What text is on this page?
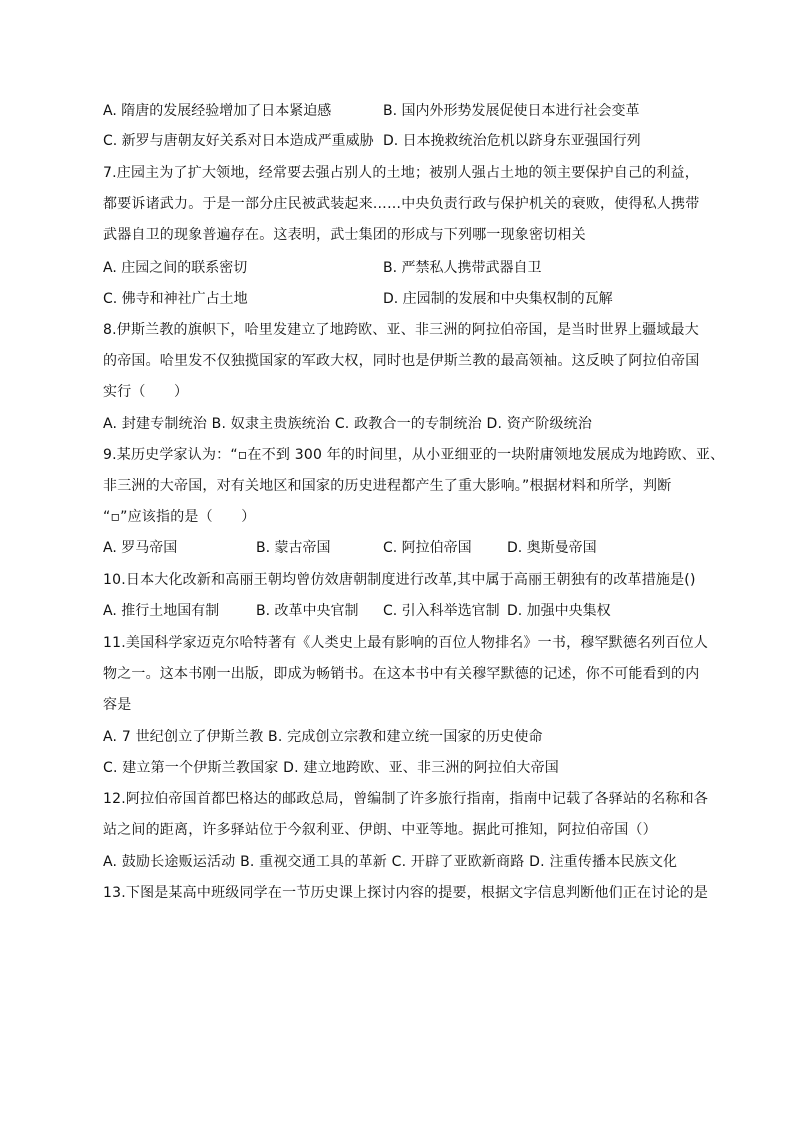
A. 隋唐的发展经验增加了日本紧迫感	B. 国内外形势发展促使日本进行社会变革
C. 新罗与唐朝友好关系对日本造成严重威胁 D. 日本挽救统治危机以跻身东亚强国行列
7.庄园主为了扩大领地，经常要去强占别人的土地；被别人强占土地的领主要保护自己的利益，
都要诉诸武力。于是一部分庄民被武装起来……中央负责行政与保护机关的衰败，使得私人携带
武器自卫的现象普遍存在。这表明，武士集团的形成与下列哪一现象密切相关
A. 庄园之间的联系密切	B. 严禁私人携带武器自卫
C. 佛寺和神社广占土地	D. 庄园制的发展和中央集权制的瓦解
8.伊斯兰教的旗帜下，哈里发建立了地跨欧、亚、非三洲的阿拉伯帝国，是当时世界上疆域最大
的帝国。哈里发不仅独揽国家的军政大权，同时也是伊斯兰教的最高领袖。这反映了阿拉伯帝国
实行（　　）
A. 封建专制统治 B. 奴隶主贵族统治 C. 政教合一的专制统治 D. 资产阶级统治
9.某历史学家认为：“▫在不到 300 年的时间里，从小亚细亚的一块附庸领地发展成为地跨欧、亚、
非三洲的大帝国，对有关地区和国家的历史进程都产生了重大影响。”根据材料和所学，判断
“▫”应该指的是（　　）
A. 罗马帝国	B. 蒙古帝国	C. 阿拉伯帝国	D. 奥斯曼帝国
10.日本大化改新和高丽王朝均曾仿效唐朝制度进行改革,其中属于高丽王朝独有的改革措施是()
A. 推行土地国有制	B. 改革中央官制 C. 引入科举选官制 D. 加强中央集权
11.美国科学家迈克尔哈特著有《人类史上最有影响的百位人物排名》一书，穆罕默德名列百位人
物之一。这本书刚一出版，即成为畅销书。在这本书中有关穆罕默德的记述，你不可能看到的内
容是
A. 7 世纪创立了伊斯兰教 B. 完成创立宗教和建立统一国家的历史使命
C. 建立第一个伊斯兰教国家 D. 建立地跨欧、亚、非三洲的阿拉伯大帝国
12.阿拉伯帝国首都巴格达的邮政总局，曾编制了许多旅行指南，指南中记载了各驿站的名称和各
站之间的距离，许多驿站位于今叙利亚、伊朗、中亚等地。据此可推知，阿拉伯帝国（）
A. 鼓励长途贩运活动 B. 重视交通工具的革新 C. 开辟了亚欧新商路 D. 注重传播本民族文化
13.下图是某高中班级同学在一节历史课上探讨内容的提要，根据文字信息判断他们正在讨论的是
